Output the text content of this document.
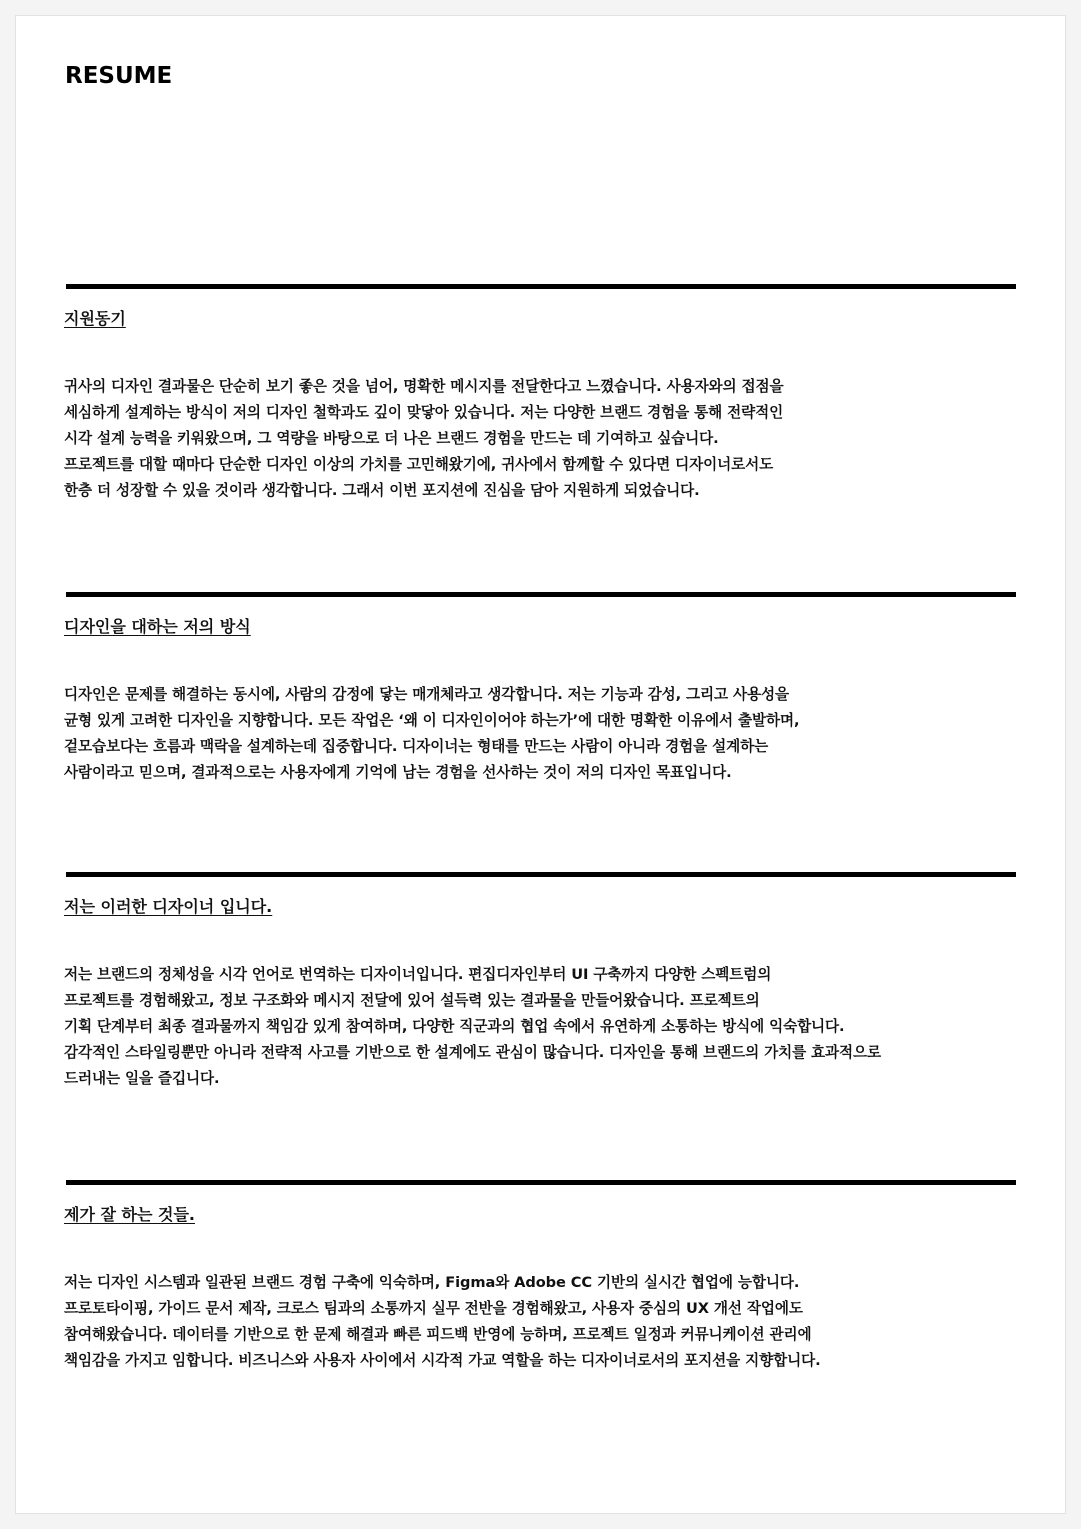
RESUME
지원동기
귀사의 디자인 결과물은 단순히 보기 좋은 것을 넘어, 명확한 메시지를 전달한다고 느꼈습니다. 사용자와의 접점을
세심하게 설계하는 방식이 저의 디자인 철학과도 깊이 맞닿아 있습니다. 저는 다양한 브랜드 경험을 통해 전략적인
시각 설계 능력을 키워왔으며, 그 역량을 바탕으로 더 나은 브랜드 경험을 만드는 데 기여하고 싶습니다.
프로젝트를 대할 때마다 단순한 디자인 이상의 가치를 고민해왔기에, 귀사에서 함께할 수 있다면 디자이너로서도
한층 더 성장할 수 있을 것이라 생각합니다. 그래서 이번 포지션에 진심을 담아 지원하게 되었습니다.
디자인을 대하는 저의 방식
디자인은 문제를 해결하는 동시에, 사람의 감정에 닿는 매개체라고 생각합니다. 저는 기능과 감성, 그리고 사용성을
균형 있게 고려한 디자인을 지향합니다. 모든 작업은 ‘왜 이 디자인이어야 하는가’에 대한 명확한 이유에서 출발하며,
겉모습보다는 흐름과 맥락을 설계하는데 집중합니다. 디자이너는 형태를 만드는 사람이 아니라 경험을 설계하는
사람이라고 믿으며, 결과적으로는 사용자에게 기억에 남는 경험을 선사하는 것이 저의 디자인 목표입니다.
저는 이러한 디자이너 입니다.
저는 브랜드의 정체성을 시각 언어로 번역하는 디자이너입니다. 편집디자인부터 UI 구축까지 다양한 스펙트럼의
프로젝트를 경험해왔고, 정보 구조화와 메시지 전달에 있어 설득력 있는 결과물을 만들어왔습니다. 프로젝트의
기획 단계부터 최종 결과물까지 책임감 있게 참여하며, 다양한 직군과의 협업 속에서 유연하게 소통하는 방식에 익숙합니다.
감각적인 스타일링뿐만 아니라 전략적 사고를 기반으로 한 설계에도 관심이 많습니다. 디자인을 통해 브랜드의 가치를 효과적으로
드러내는 일을 즐깁니다.
제가 잘 하는 것들.
저는 디자인 시스템과 일관된 브랜드 경험 구축에 익숙하며, Figma와 Adobe CC 기반의 실시간 협업에 능합니다.
프로토타이핑, 가이드 문서 제작, 크로스 팀과의 소통까지 실무 전반을 경험해왔고, 사용자 중심의 UX 개선 작업에도
참여해왔습니다. 데이터를 기반으로 한 문제 해결과 빠른 피드백 반영에 능하며, 프로젝트 일정과 커뮤니케이션 관리에
책임감을 가지고 임합니다. 비즈니스와 사용자 사이에서 시각적 가교 역할을 하는 디자이너로서의 포지션을 지향합니다.
